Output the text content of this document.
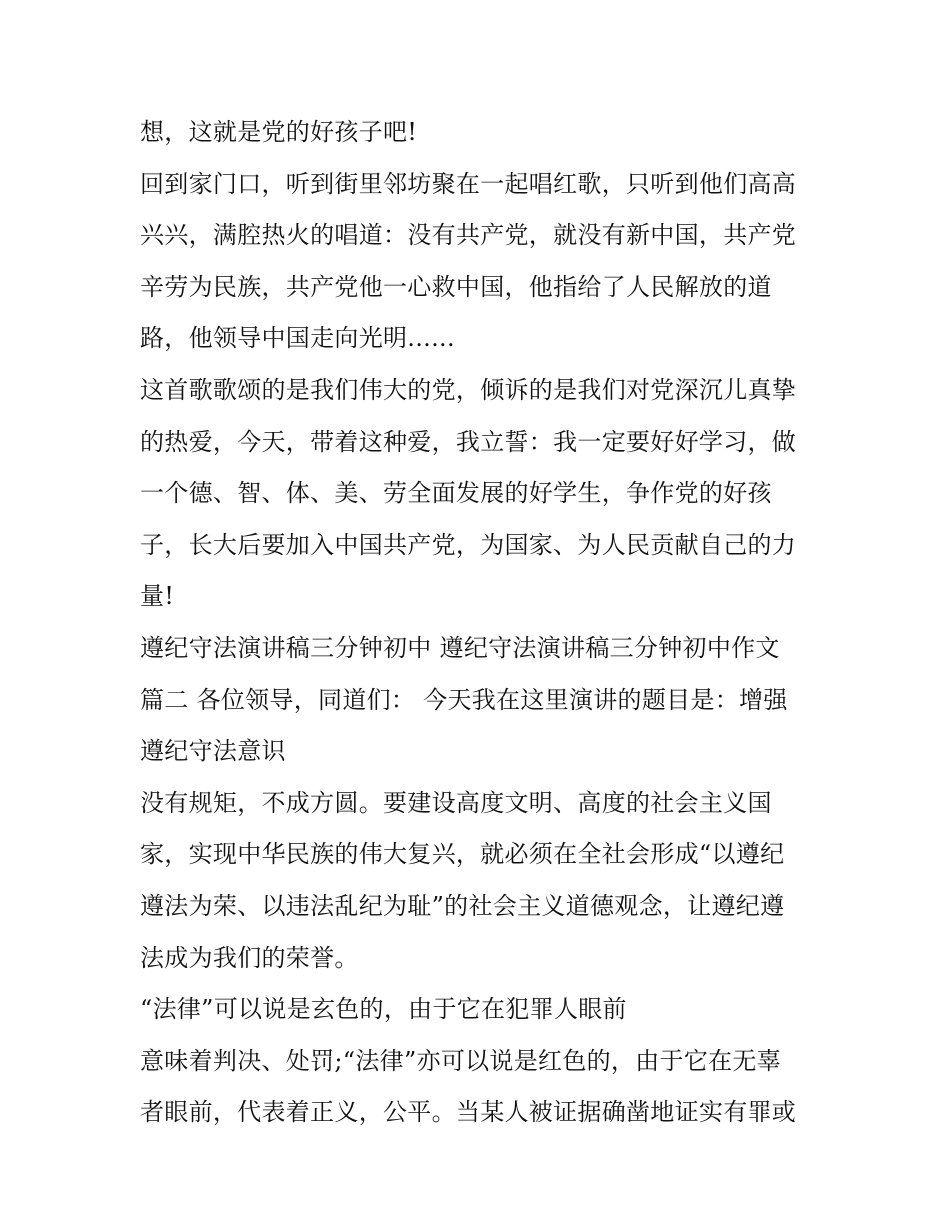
想，这就是党的好孩子吧!
回到家门口，听到街里邻坊聚在一起唱红歌，只听到他们高高
兴兴，满腔热火的唱道：没有共产党，就没有新中国，共产党
辛劳为民族，共产党他一心救中国，他指给了人民解放的道
路，他领导中国走向光明......
这首歌歌颂的是我们伟大的党，倾诉的是我们对党深沉儿真挚
的热爱，今天，带着这种爱，我立誓：我一定要好好学习，做
一个德、智、体、美、劳全面发展的好学生，争作党的好孩
子，长大后要加入中国共产党，为国家、为人民贡献自己的力
量!
遵纪守法演讲稿三分钟初中 遵纪守法演讲稿三分钟初中作文
篇二 各位领导，同道们： 今天我在这里演讲的题目是：增强
遵纪守法意识
没有规矩，不成方圆。要建设高度文明、高度的社会主义国
家，实现中华民族的伟大复兴，就必须在全社会形成“以遵纪
遵法为荣、以违法乱纪为耻”的社会主义道德观念，让遵纪遵
法成为我们的荣誉。
“法律”可以说是玄色的，由于它在犯罪人眼前
意味着判决、处罚;“法律”亦可以说是红色的，由于它在无辜
者眼前，代表着正义，公平。当某人被证据确凿地证实有罪或
